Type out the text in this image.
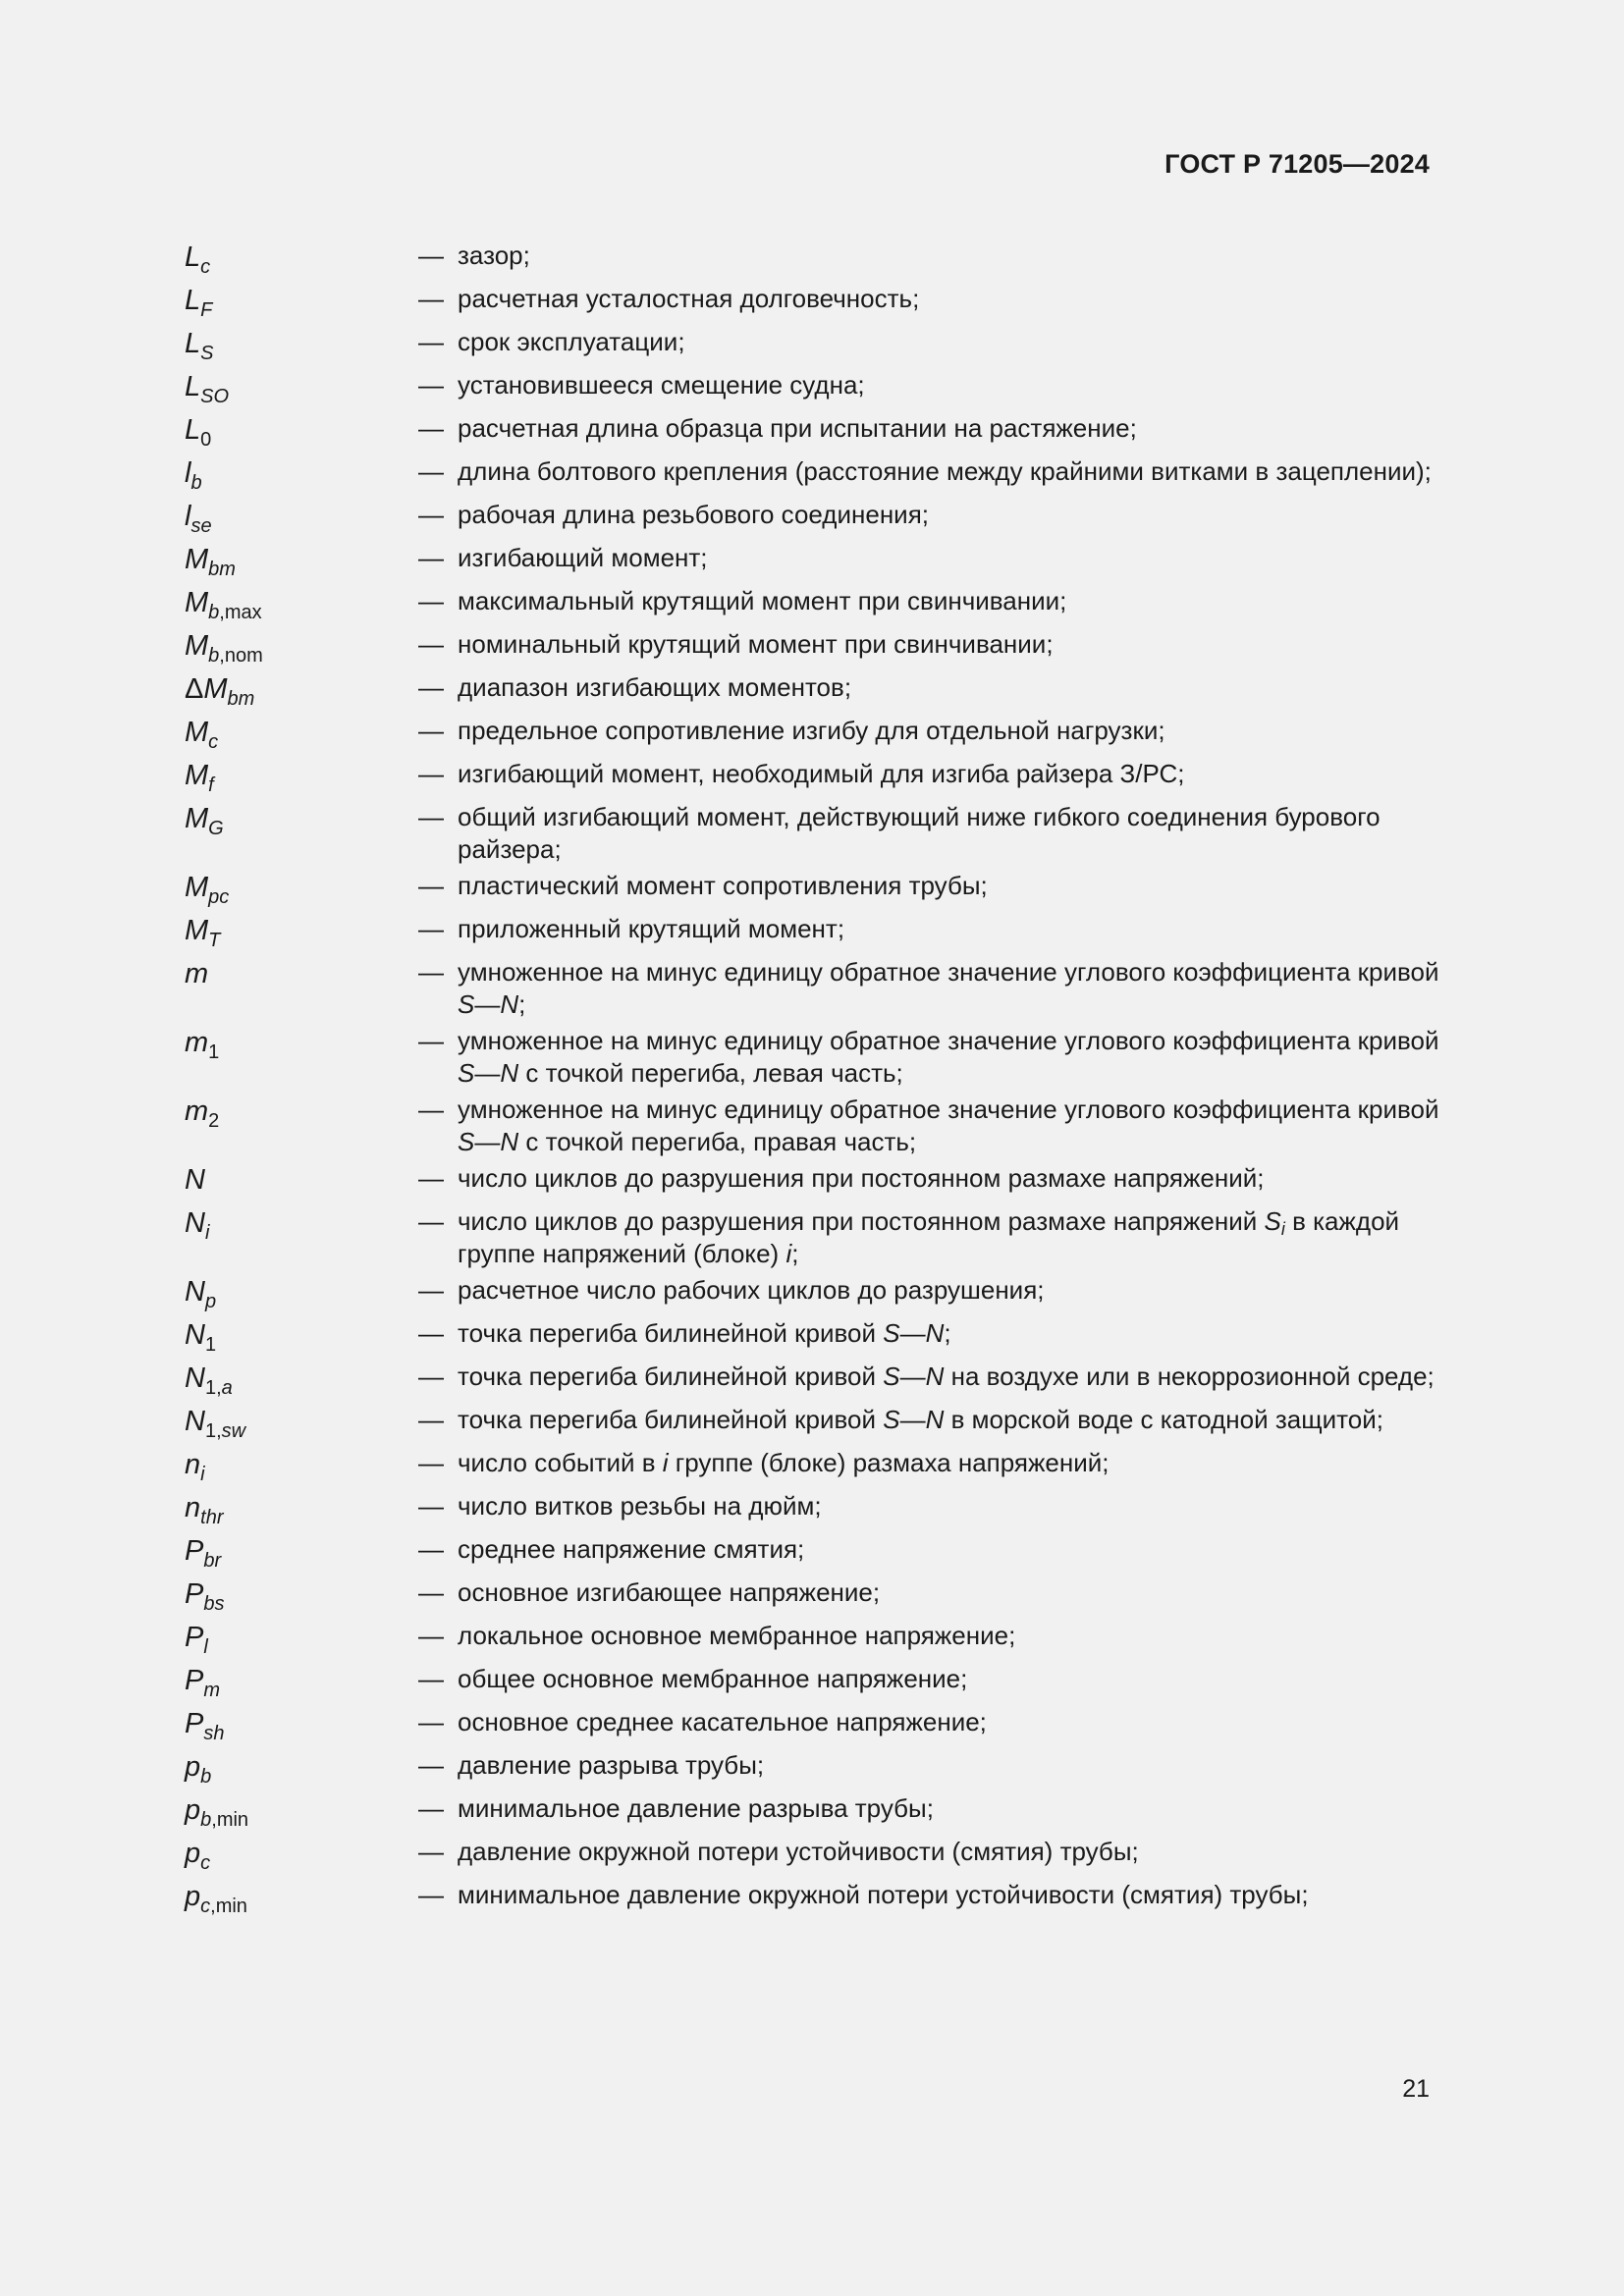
ГОСТ Р 71205—2024
$L_c$	— зазор;
$L_F$	— расчетная усталостная долговечность;
$L_S$	— срок эксплуатации;
$L_{SO}$	— установившееся смещение судна;
$L_0$	— расчетная длина образца при испытании на растяжение;
$l_b$	— длина болтового крепления (расстояние между крайними витками в зацеплении);
$l_{se}$	— рабочая длина резьбового соединения;
$M_{bm}$	— изгибающий момент;
$M_{b,max}$	— максимальный крутящий момент при свинчивании;
$M_{b,nom}$	— номинальный крутящий момент при свинчивании;
$\Delta M_{bm}$	— диапазон изгибающих моментов;
$M_c$	— предельное сопротивление изгибу для отдельной нагрузки;
$M_f$	— изгибающий момент, необходимый для изгиба райзера З/РС;
$M_G$	— общий изгибающий момент, действующий ниже гибкого соединения бурового райзера;
$M_{pc}$	— пластический момент сопротивления трубы;
$M_T$	— приложенный крутящий момент;
m	— умноженное на минус единицу обратное значение углового коэффициента кривой S—N;
$m_1$	— умноженное на минус единицу обратное значение углового коэффициента кривой S—N с точкой перегиба, левая часть;
$m_2$	— умноженное на минус единицу обратное значение углового коэффициента кривой S—N с точкой перегиба, правая часть;
N	— число циклов до разрушения при постоянном размахе напряжений;
$N_i$	— число циклов до разрушения при постоянном размахе напряжений $S_i$ в каждой группе напряжений (блоке) i;
$N_p$	— расчетное число рабочих циклов до разрушения;
$N_1$	— точка перегиба билинейной кривой S—N;
$N_{1,a}$	— точка перегиба билинейной кривой S—N на воздухе или в некоррозионной среде;
$N_{1,sw}$	— точка перегиба билинейной кривой S—N в морской воде с катодной защитой;
$n_i$	— число событий в i группе (блоке) размаха напряжений;
$n_{thr}$	— число витков резьбы на дюйм;
$P_{br}$	— среднее напряжение смятия;
$P_{bs}$	— основное изгибающее напряжение;
$P_l$	— локальное основное мембранное напряжение;
$P_m$	— общее основное мембранное напряжение;
$P_{sh}$	— основное среднее касательное напряжение;
$p_b$	— давление разрыва трубы;
$p_{b,min}$	— минимальное давление разрыва трубы;
$p_c$	— давление окружной потери устойчивости (смятия) трубы;
$p_{c,min}$	— минимальное давление окружной потери устойчивости (смятия) трубы;
21
